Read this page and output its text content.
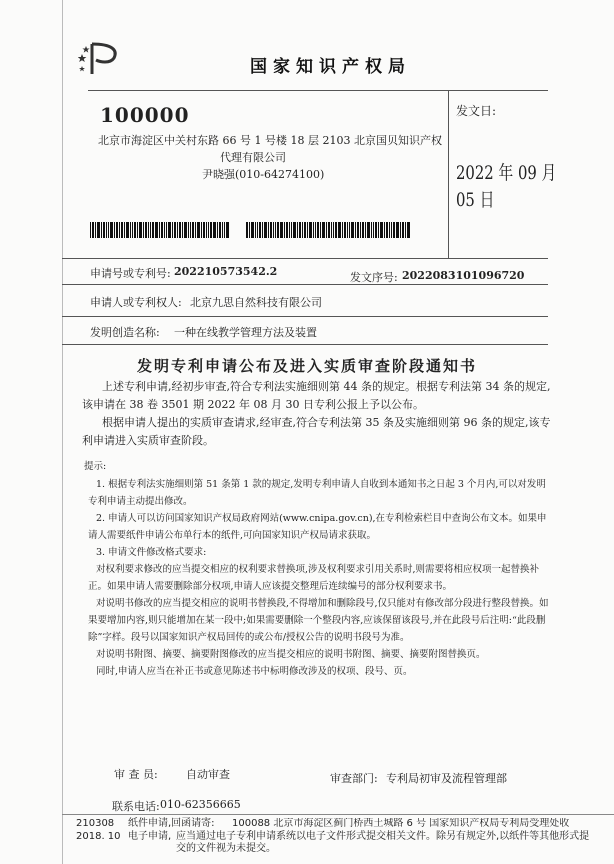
国家知识产权局
100000
北京市海淀区中关村东路 66 号 1 号楼 18 层 2103 北京国贝知识产权
代理有限公司
尹晓强(010-64274100)
发文日:
2022 年 09 月 05 日
申请号或专利号: 202210573542.2	发文序号: 2022083101096720
申请人或专利权人: 北京九思自然科技有限公司
发明创造名称: 一种在线教学管理方法及装置
发明专利申请公布及进入实质审查阶段通知书
上述专利申请,经初步审查,符合专利法实施细则第 44 条的规定。根据专利法第 34 条的规定,该申请在 38 卷 3501 期 2022 年 08 月 30 日专利公报上予以公布。
根据申请人提出的实质审查请求,经审查,符合专利法第 35 条及实施细则第 96 条的规定,该专利申请进入实质审查阶段。
提示:
1. 根据专利法实施细则第 51 条第 1 款的规定,发明专利申请人自收到本通知书之日起 3 个月内,可以对发明专利申请主动提出修改。
2. 申请人可以访问国家知识产权局政府网站(www.cnipa.gov.cn),在专利检索栏目中查询公布文本。如果申请人需要纸件申请公布单行本的纸件,可向国家知识产权局请求获取。
3. 申请文件修改格式要求:
对权利要求修改的应当提交相应的权利要求替换项,涉及权利要求引用关系时,则需要将相应权项一起替换补正。如果申请人需要删除部分权项,申请人应该提交整理后连续编号的部分权利要求书。
对说明书修改的应当提交相应的说明书替换段,不得增加和删除段号,仅只能对有修改部分段进行整段替换。如果要增加内容,则只能增加在某一段中;如果需要删除一个整段内容,应该保留该段号,并在此段号后注明:“此段删除”字样。段号以国家知识产权局回传的或公布/授权公告的说明书段号为准。
对说明书附图、摘要、摘要附图修改的应当提交相应的说明书附图、摘要、摘要附图替换页。
同时,申请人应当在补正书或意见陈述书中标明修改涉及的权项、段号、页。
审 查 员:	自动审查	审查部门: 专利局初审及流程管理部
联系电话: 010-62356665
210308
2018. 10
纸件申请,回函请寄: 100088 北京市海淀区蓟门桥西土城路 6 号 国家知识产权局专利局受理处收
电子申请, 应当通过电子专利申请系统以电子文件形式提交相关文件。除另有规定外,以纸件等其他形式提交的文件视为未提交。
